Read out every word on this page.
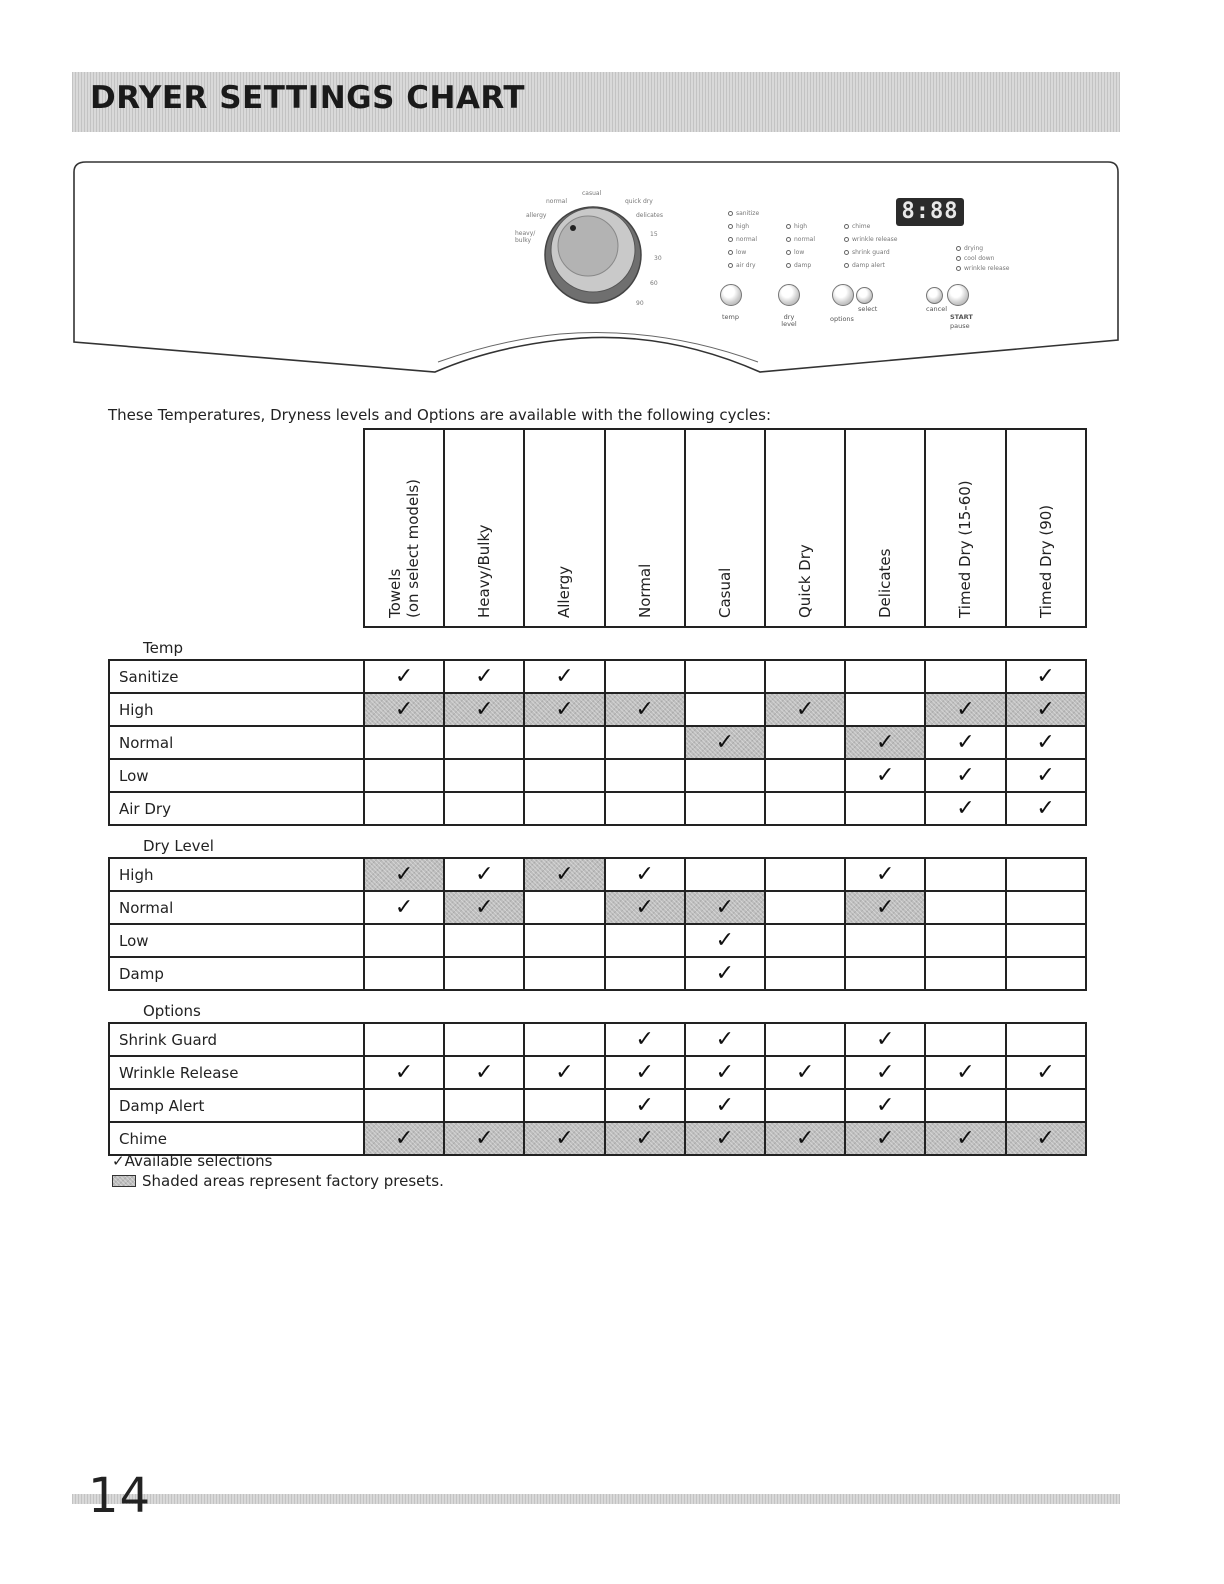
DRYER SETTINGS CHART
casual
normal	quick dry
allergy	delicates
heavy/ bulky
15
30
60
90
sanitize
high
normal
low
air dry
high
normal
low
damp
chime
wrinkle release
shrink guard
damp alert
drying
cool down
wrinkle release
8:88
temp	dry level
options
select	cancel
START
pause
These Temperatures, Dryness levels and Options are available with the following cycles:

	Towels (on select models)	Heavy/Bulky	Allergy	Normal	Casual	Quick Dry	Delicates	Timed Dry (15-60)	Timed Dry (90)

Temp									
Sanitize	✓	✓	✓						✓
High	✓	✓	✓	✓		✓		✓	✓
Normal					✓		✓	✓	✓
Low							✓	✓	✓
Air Dry								✓	✓
Dry Level									
High	✓	✓	✓	✓			✓		
Normal	✓	✓		✓	✓		✓		
Low					✓				
Damp					✓				
Options									
Shrink Guard				✓	✓		✓		
Wrinkle Release	✓	✓	✓	✓	✓	✓	✓	✓	✓
Damp Alert				✓	✓		✓		
Chime	✓	✓	✓	✓	✓	✓	✓	✓	✓
✓Available selections
Shaded areas represent factory presets.
14
